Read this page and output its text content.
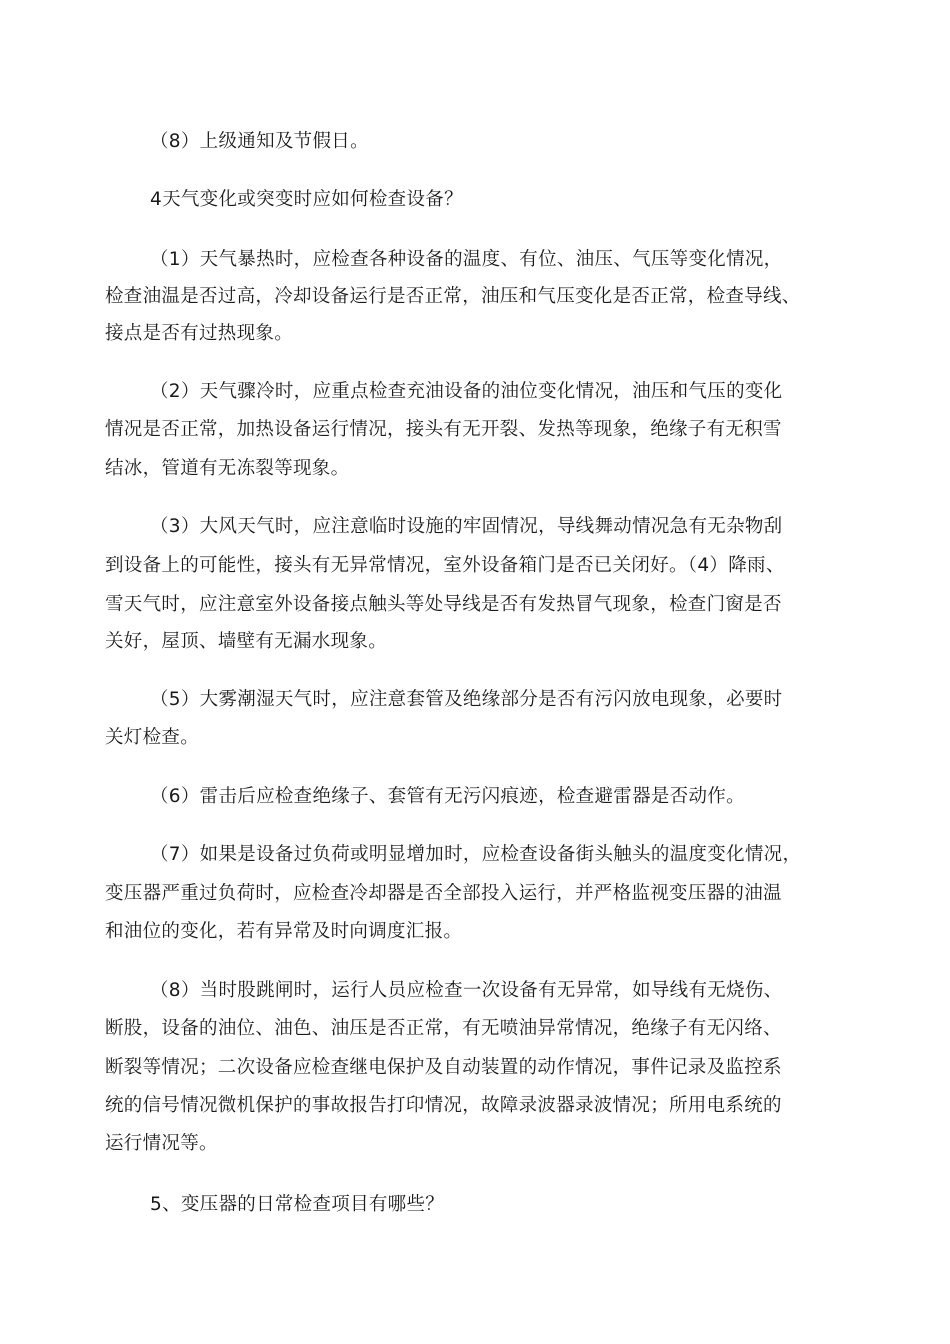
（8）上级通知及节假日。
4天气变化或突变时应如何检查设备？
（1）天气暴热时，应检查各种设备的温度、有位、油压、气压等变化情况，
检查油温是否过高，冷却设备运行是否正常，油压和气压变化是否正常，检查导线、
接点是否有过热现象。
（2）天气骤冷时，应重点检查充油设备的油位变化情况，油压和气压的变化
情况是否正常，加热设备运行情况，接头有无开裂、发热等现象，绝缘子有无积雪
结冰，管道有无冻裂等现象。
（3）大风天气时，应注意临时设施的牢固情况，导线舞动情况急有无杂物刮
到设备上的可能性，接头有无异常情况，室外设备箱门是否已关闭好。（4）降雨、
雪天气时，应注意室外设备接点触头等处导线是否有发热冒气现象，检查门窗是否
关好，屋顶、墙壁有无漏水现象。
（5）大雾潮湿天气时，应注意套管及绝缘部分是否有污闪放电现象，必要时
关灯检查。
（6）雷击后应检查绝缘子、套管有无污闪痕迹，检查避雷器是否动作。
（7）如果是设备过负荷或明显增加时，应检查设备街头触头的温度变化情况，
变压器严重过负荷时，应检查冷却器是否全部投入运行，并严格监视变压器的油温
和油位的变化，若有异常及时向调度汇报。
（8）当时股跳闸时，运行人员应检查一次设备有无异常，如导线有无烧伤、
断股，设备的油位、油色、油压是否正常，有无喷油异常情况，绝缘子有无闪络、
断裂等情况；二次设备应检查继电保护及自动装置的动作情况，事件记录及监控系
统的信号情况微机保护的事故报告打印情况，故障录波器录波情况；所用电系统的
运行情况等。
5、变压器的日常检查项目有哪些？
